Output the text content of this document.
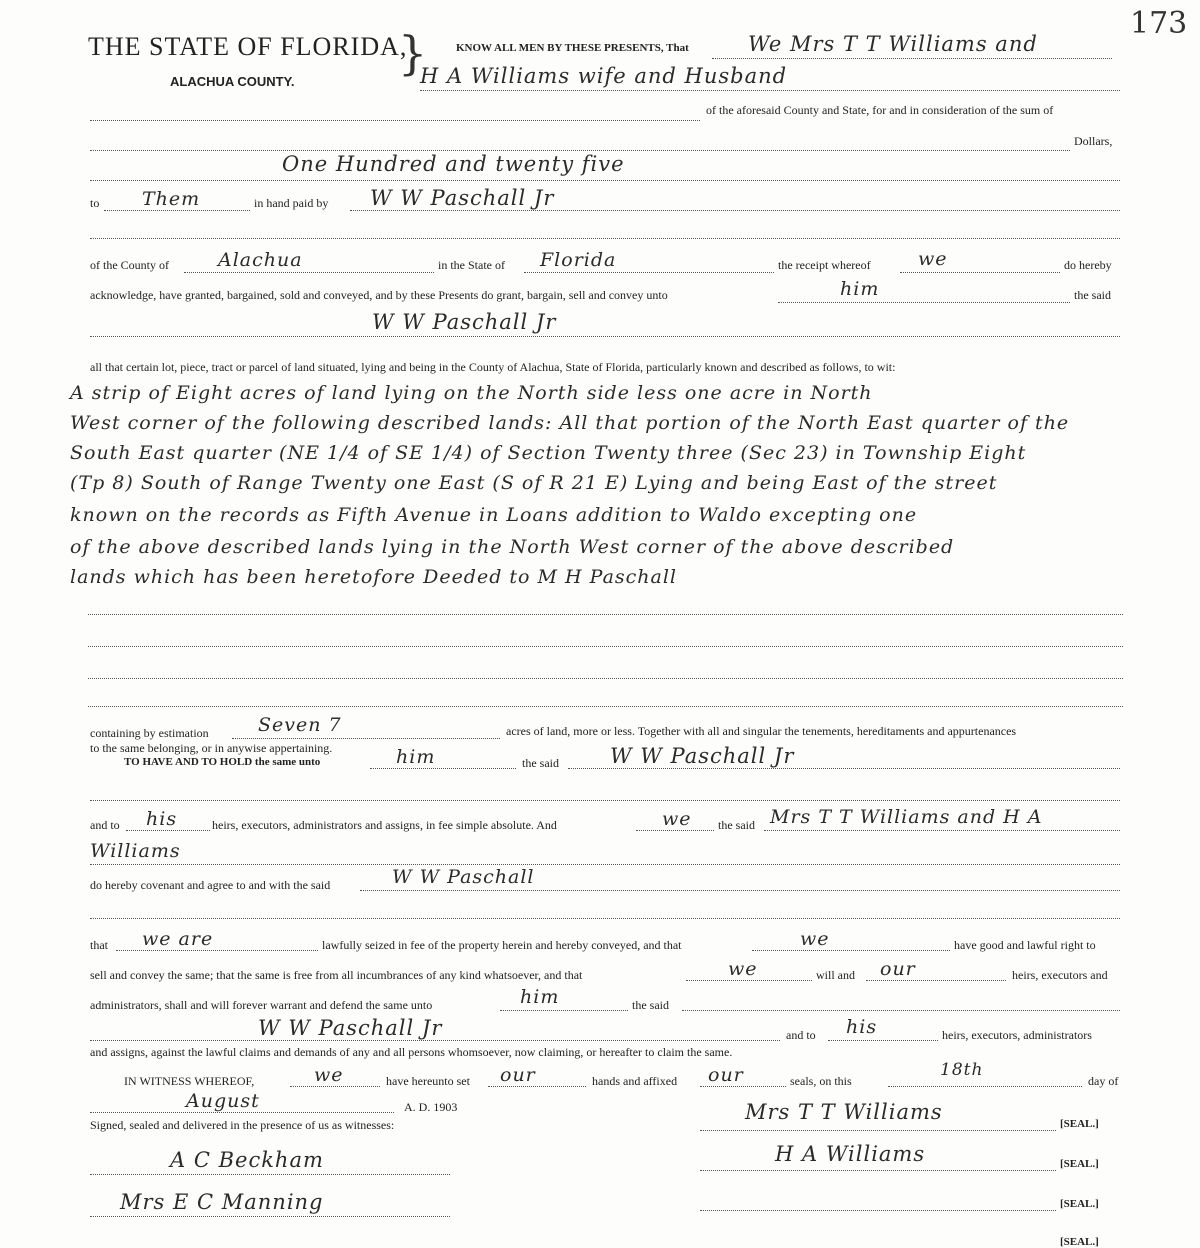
173
THE STATE OF FLORIDA,
ALACHUA COUNTY.
}	KNOW ALL MEN BY THESE PRESENTS, That	We Mrs T T Williams and
H A Williams wife and Husband
of the aforesaid County and State, for and in consideration of the sum of
Dollars,
One Hundred and twenty five
to Them	in hand paid by W W Paschall Jr
of the County of	Alachua	in the State of Florida	the receipt whereof we	do hereby
acknowledge, have granted, bargained, sold and conveyed, and by these Presents do grant, bargain, sell and convey unto	him	the said
W W Paschall Jr
all that certain lot, piece, tract or parcel of land situated, lying and being in the County of Alachua, State of Florida, particularly known and described as follows, to wit:
A strip of Eight acres of land lying on the North side less one acre in North
West corner of the following described lands: All that portion of the North East quarter of the
South East quarter (NE 1/4 of SE 1/4) of Section Twenty three (Sec 23) in Township Eight
(Tp 8) South of Range Twenty one East (S of R 21 E) Lying and being East of the street
known on the records as Fifth Avenue in Loans addition to Waldo excepting one
of the above described lands lying in the North West corner of the above described
lands which has been heretofore Deeded to M H Paschall
containing by estimation	Seven 7	acres of land, more or less. Together with all and singular the tenements, hereditaments and appurtenances
to the same belonging, or in anywise appertaining.
TO HAVE AND TO HOLD the same unto	him	the said W W Paschall Jr
and to his	heirs, executors, administrators and assigns, in fee simple absolute. And	we the said Mrs T T Williams and H A
Williams
do hereby covenant and agree to and with the said	W W Paschall
that we are	lawfully seized in fee of the property herein and hereby conveyed, and that	we	have good and lawful right to
sell and convey the same; that the same is free from all incumbrances of any kind whatsoever, and that	we	will and our	heirs, executors and
administrators, shall and will forever warrant and defend the same unto	him	the said
W W Paschall Jr	and to his	heirs, executors, administrators
and assigns, against the lawful claims and demands of any and all persons whomsoever, now claiming, or hereafter to claim the same.
IN WITNESS WHEREOF,	we	have hereunto set our	hands and affixed our	seals, on this
18th
day of
August	A. D. 1903
Signed, sealed and delivered in the presence of us as witnesses:
A C Beckham
Mrs E C Manning
Mrs T T Williams	[SEAL.]
H A Williams	[SEAL.]
[SEAL.]
[SEAL.]
